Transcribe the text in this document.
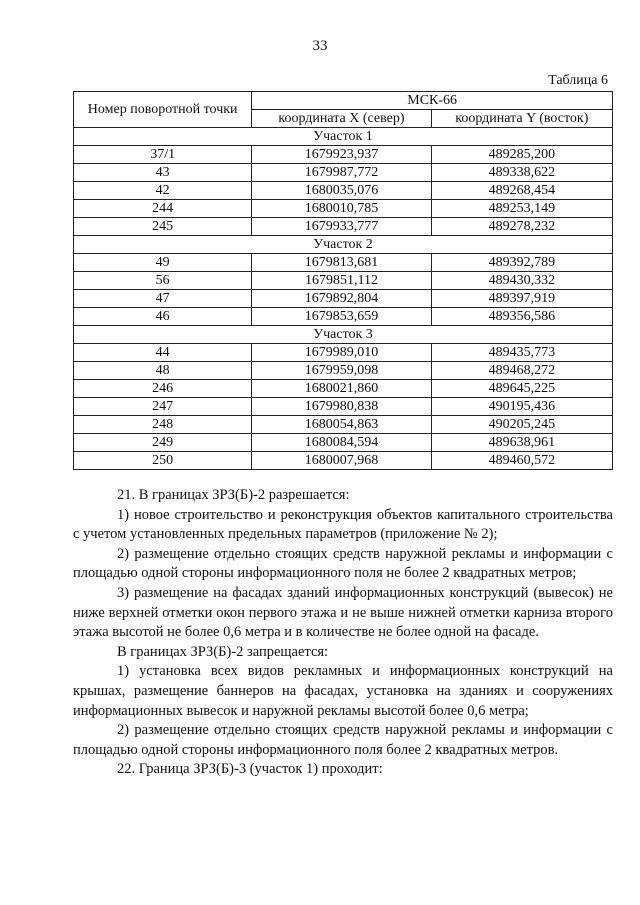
33
Таблица 6
Номер поворотной точки	МСК-66	
	координата X (север)	координата Y (восток)
Участок 1		
37/1	1679923,937	489285,200
43	1679987,772	489338,622
42	1680035,076	489268,454
244	1680010,785	489253,149
245	1679933,777	489278,232
Участок 2		
49	1679813,681	489392,789
56	1679851,112	489430,332
47	1679892,804	489397,919
46	1679853,659	489356,586
Участок 3		
44	1679989,010	489435,773
48	1679959,098	489468,272
246	1680021,860	489645,225
247	1679980,838	490195,436
248	1680054,863	490205,245
249	1680084,594	489638,961
250	1680007,968	489460,572

21. В границах ЗРЗ(Б)-2 разрешается:

1) новое строительство и реконструкция объектов капитального строительства с учетом установленных предельных параметров (приложение № 2);

2) размещение отдельно стоящих средств наружной рекламы и информации с площадью одной стороны информационного поля не более 2 квадратных метров;

3) размещение на фасадах зданий информационных конструкций (вывесок) не ниже верхней отметки окон первого этажа и не выше нижней отметки карниза второго этажа высотой не более 0,6 метра и в количестве не более одной на фасаде.

В границах ЗРЗ(Б)-2 запрещается:

1) установка всех видов рекламных и информационных конструкций на крышах, размещение баннеров на фасадах, установка на зданиях и сооружениях информационных вывесок и наружной рекламы высотой более 0,6 метра;

2) размещение отдельно стоящих средств наружной рекламы и информации с площадью одной стороны информационного поля более 2 квадратных метров.

22. Граница ЗРЗ(Б)-3 (участок 1) проходит:
